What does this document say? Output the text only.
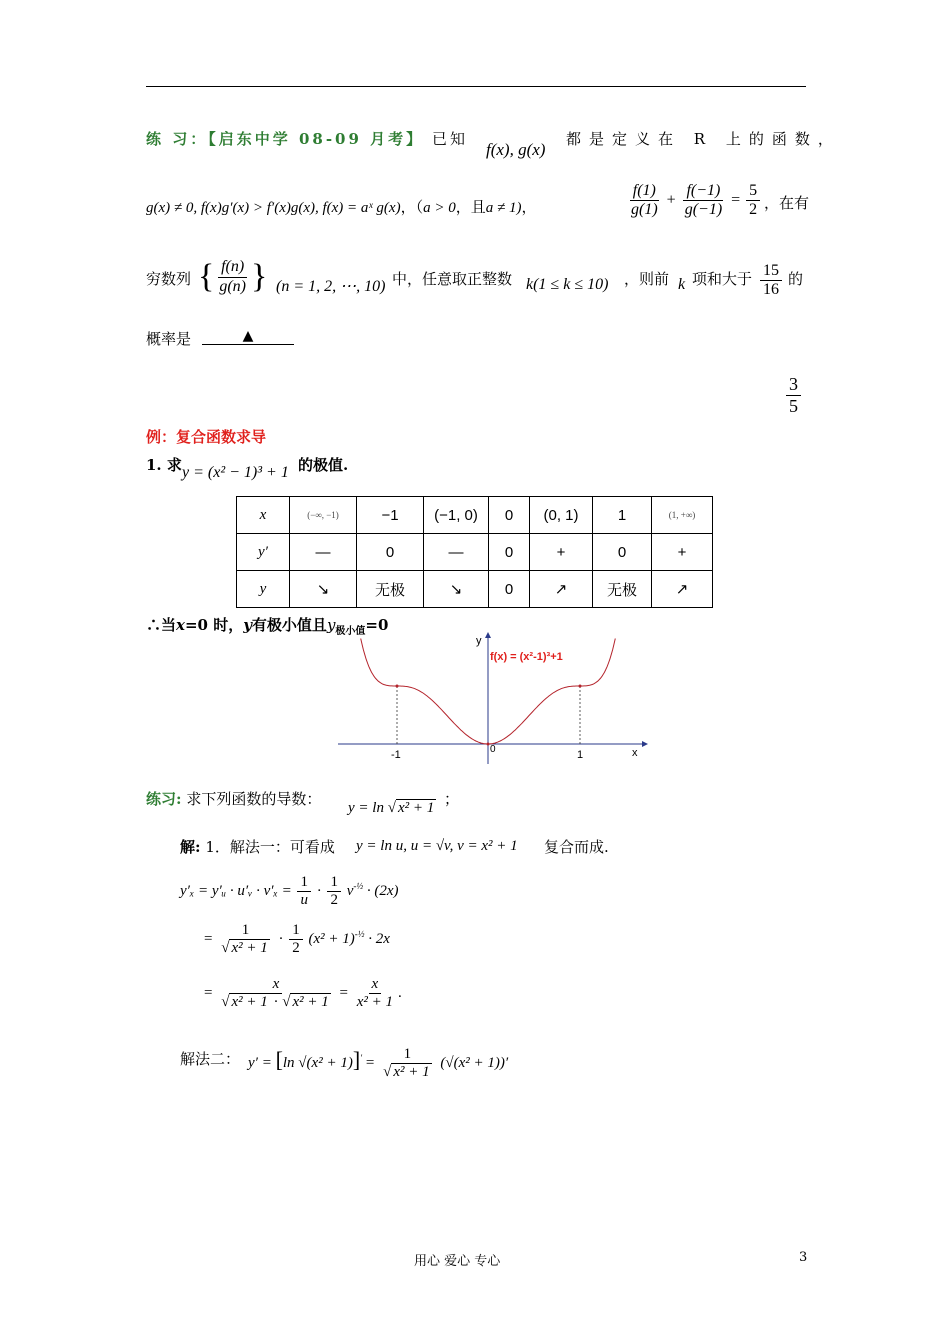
练 习：【启东中学 08-09 月考】 已知
f(x), g(x)
都是定义在 R 上的函数，
g(x) ≠ 0, f(x)g′(x) > f′(x)g(x), f(x) = aˣ g(x)，（a > 0，且a ≠ 1)，	$\frac{f(1)}{g(1)} + \frac{f(-1)}{g(-1)} = \frac{5}{2}$ ，在有
穷数列 { $\frac{f(n)}{g(n)}$ } (n = 1, 2, ⋯, 10) 中，任意取正整数 k(1 ≤ k ≤ 10) ，则前 k 项和大于 $\frac{15}{16}$ 的
概率是	▲
$\frac{3}{5}$
例：复合函数求导
1. 求 y = (x² − 1)³ + 1 的极值.
x	(−∞, −1)	−1	(−1, 0)	0	(0, 1)	1	(1, +∞)
y′	—	0	—	0	+	0	+
y	↘	无极	↘	0	↗	无极	↗
∴当x=0 时，y有极小值且$y_{极小值}=0$
y
x
f(x) = (x²-1)³+1
-1	0	1
练习: 求下列函数的导数： y = ln √ x² + 1 ；
解: 1．解法一：可看成 y = ln u, u = √v, v = x² + 1 复合而成.
y′ₓ = y′ᵤ · u′ᵥ · $v'_x = \frac{1}{u} \cdot \frac{1}{2} v^{-\frac{1}{2}} \cdot (2x)$
= $\frac{1}{\text{√ x² + 1}} \cdot \frac{1}{2} (x^2 + 1)^{-\frac{1}{2}} \cdot 2x$
= $\frac{x}{\text{√ x² + 1 · √ x² + 1}} = \frac{x}{\text{x² + 1}}$ .
解法二： y′ = [ln $√(x^2 + 1)]' = \frac{1}{\text{√ x² + 1}} (√(x^2 + 1))'$
用心 爱心 专心	3
